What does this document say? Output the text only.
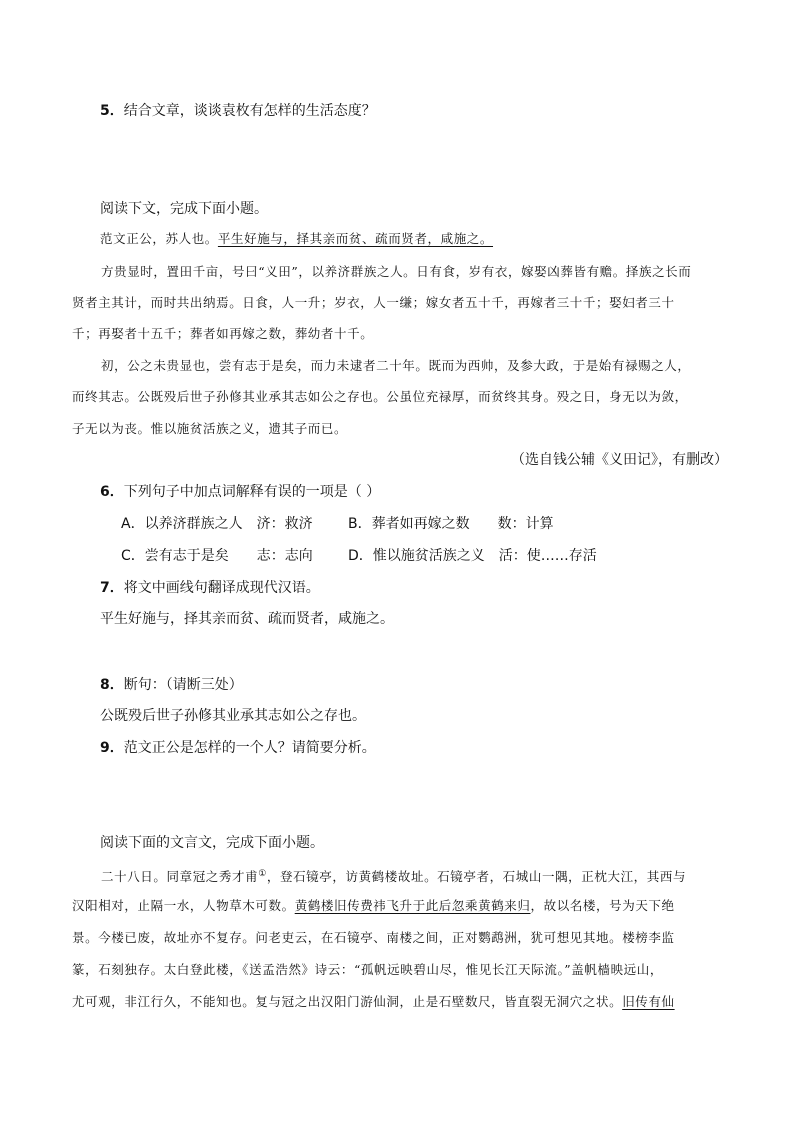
5．结合文章，谈谈袁枚有怎样的生活态度？
阅读下文，完成下面小题。
范文正公，苏人也。平生好施与，择其亲而贫、疏而贤者，咸施之。
方贵显时，置田千亩，号曰“义田”，以养济群族之人。日有食，岁有衣，嫁娶凶葬皆有赡。择族之长而
贤者主其计，而时共出纳焉。日食，人一升；岁衣，人一缣；嫁女者五十千，再嫁者三十千；娶妇者三十
千；再娶者十五千；葬者如再嫁之数，葬幼者十千。
初，公之未贵显也，尝有志于是矣，而力未逮者二十年。既而为西帅，及参大政，于是始有禄赐之人，
而终其志。公既殁后世子孙修其业承其志如公之存也。公虽位充禄厚，而贫终其身。殁之日，身无以为敛，
子无以为丧。惟以施贫活族之义，遗其子而已。
（选自钱公辅《义田记》，有删改）
6．下列句子中加点词解释有误的一项是（ ）
A．以养济群族之人　济：救济	B．葬者如再嫁之数　　数：计算
C．尝有志于是矣　　志：志向	D．惟以施贫活族之义　活：使……存活
7．将文中画线句翻译成现代汉语。
平生好施与，择其亲而贫、疏而贤者，咸施之。
8．断句：（请断三处）
公既殁后世子孙修其业承其志如公之存也。
9．范文正公是怎样的一个人？请简要分析。
阅读下面的文言文，完成下面小题。
二十八日。同章冠之秀才甫①，登石镜亭，访黄鹤楼故址。石镜亭者，石城山一隅，正枕大江，其西与
汉阳相对，止隔一水，人物草木可数。黄鹤楼旧传费祎飞升于此后忽乘黄鹤来归，故以名楼，号为天下绝
景。今楼已废，故址亦不复存。问老吏云，在石镜亭、南楼之间，正对鹦鹉洲，犹可想见其地。楼榜李监
篆，石刻独存。太白登此楼，《送孟浩然》诗云：“孤帆远映碧山尽，惟见长江天际流。”盖帆樯映远山，
尤可观，非江行久，不能知也。复与冠之出汉阳门游仙洞，止是石壁数尺，皆直裂无洞穴之状。旧传有仙
